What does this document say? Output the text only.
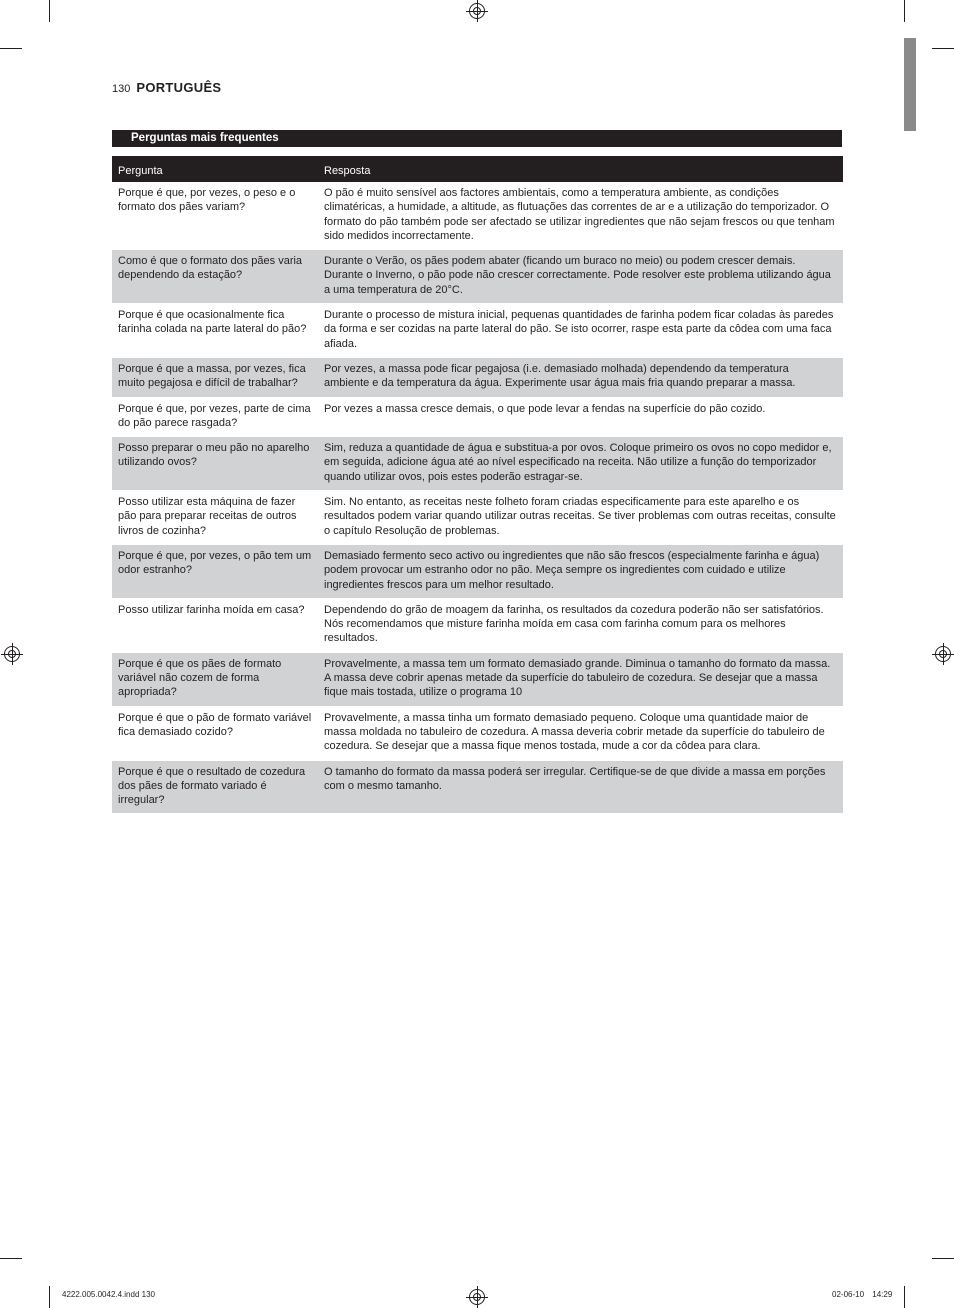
130 PORTUGUÊS
Perguntas mais frequentes
Pergunta	Resposta
Porque é que, por vezes, o peso e o formato dos pães variam?	O pão é muito sensível aos factores ambientais, como a temperatura ambiente, as condições climatéricas, a humidade, a altitude, as flutuações das correntes de ar e a utilização do temporizador. O formato do pão também pode ser afectado se utilizar ingredientes que não sejam frescos ou que tenham sido medidos incorrectamente.
Como é que o formato dos pães varia dependendo da estação?	Durante o Verão, os pães podem abater (ficando um buraco no meio) ou podem crescer demais. Durante o Inverno, o pão pode não crescer correctamente. Pode resolver este problema utilizando água a uma temperatura de 20°C.
Porque é que ocasionalmente fica farinha colada na parte lateral do pão?	Durante o processo de mistura inicial, pequenas quantidades de farinha podem ficar coladas às paredes da forma e ser cozidas na parte lateral do pão. Se isto ocorrer, raspe esta parte da côdea com uma faca afiada.
Porque é que a massa, por vezes, fica muito pegajosa e difícil de trabalhar?	Por vezes, a massa pode ficar pegajosa (i.e. demasiado molhada) dependendo da temperatura ambiente e da temperatura da água. Experimente usar água mais fria quando preparar a massa.
Porque é que, por vezes, parte de cima do pão parece rasgada?	Por vezes a massa cresce demais, o que pode levar a fendas na superfície do pão cozido.
Posso preparar o meu pão no aparelho utilizando ovos?	Sim, reduza a quantidade de água e substitua-a por ovos. Coloque primeiro os ovos no copo medidor e, em seguida, adicione água até ao nível especificado na receita. Não utilize a função do temporizador quando utilizar ovos, pois estes poderão estragar-se.
Posso utilizar esta máquina de fazer pão para preparar receitas de outros livros de cozinha?	Sim. No entanto, as receitas neste folheto foram criadas especificamente para este aparelho e os resultados podem variar quando utilizar outras receitas. Se tiver problemas com outras receitas, consulte o capítulo Resolução de problemas.
Porque é que, por vezes, o pão tem um odor estranho?	Demasiado fermento seco activo ou ingredientes que não são frescos (especialmente farinha e água) podem provocar um estranho odor no pão. Meça sempre os ingredientes com cuidado e utilize ingredientes frescos para um melhor resultado.
Posso utilizar farinha moída em casa?	Dependendo do grão de moagem da farinha, os resultados da cozedura poderão não ser satisfatórios. Nós recomendamos que misture farinha moída em casa com farinha comum para os melhores resultados.
Porque é que os pães de formato variável não cozem de forma apropriada?	Provavelmente, a massa tem um formato demasiado grande. Diminua o tamanho do formato da massa. A massa deve cobrir apenas metade da superfície do tabuleiro de cozedura. Se desejar que a massa fique mais tostada, utilize o programa 10
Porque é que o pão de formato variável fica demasiado cozido?	Provavelmente, a massa tinha um formato demasiado pequeno. Coloque uma quantidade maior de massa moldada no tabuleiro de cozedura. A massa deveria cobrir metade da superfície do tabuleiro de cozedura. Se desejar que a massa fique menos tostada, mude a cor da côdea para clara.
Porque é que o resultado de cozedura dos pães de formato variado é irregular?	O tamanho do formato da massa poderá ser irregular. Certifique-se de que divide a massa em porções com o mesmo tamanho.
4222.005.0042.4.indd 130	02-06-10 14:29
